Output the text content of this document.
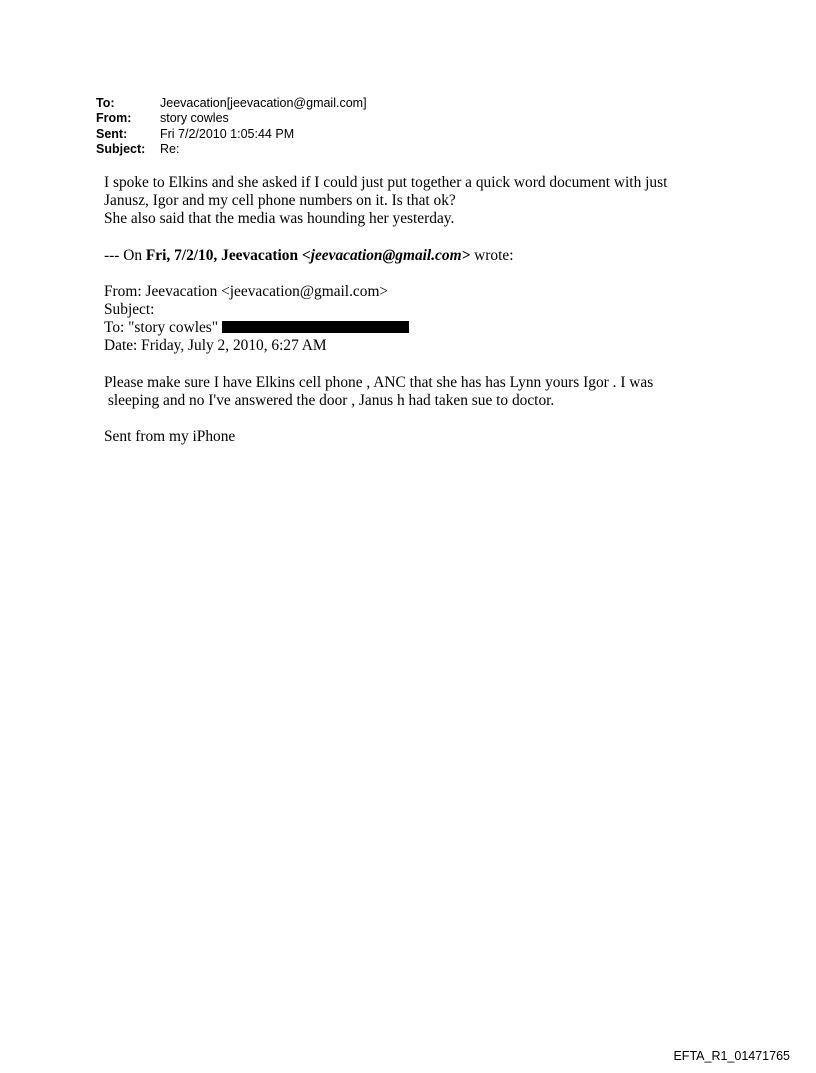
To:	Jeevacation[jeevacation@gmail.com]
From:	story cowles
Sent:	Fri 7/2/2010 1:05:44 PM
Subject:	Re:
I spoke to Elkins and she asked if I could just put together a quick word document with just
Janusz, Igor and my cell phone numbers on it. Is that ok?
She also said that the media was hounding her yesterday.
--- On Fri, 7/2/10, Jeevacation <jeevacation@gmail.com> wrote:
From: Jeevacation <jeevacation@gmail.com>
Subject:
To: "story cowles"
Date: Friday, July 2, 2010, 6:27 AM
Please make sure I have Elkins cell phone , ANC that she has has Lynn yours Igor . I was
sleeping and no I've answered the door , Janus h had taken sue to doctor.
Sent from my iPhone
EFTA_R1_01471765
